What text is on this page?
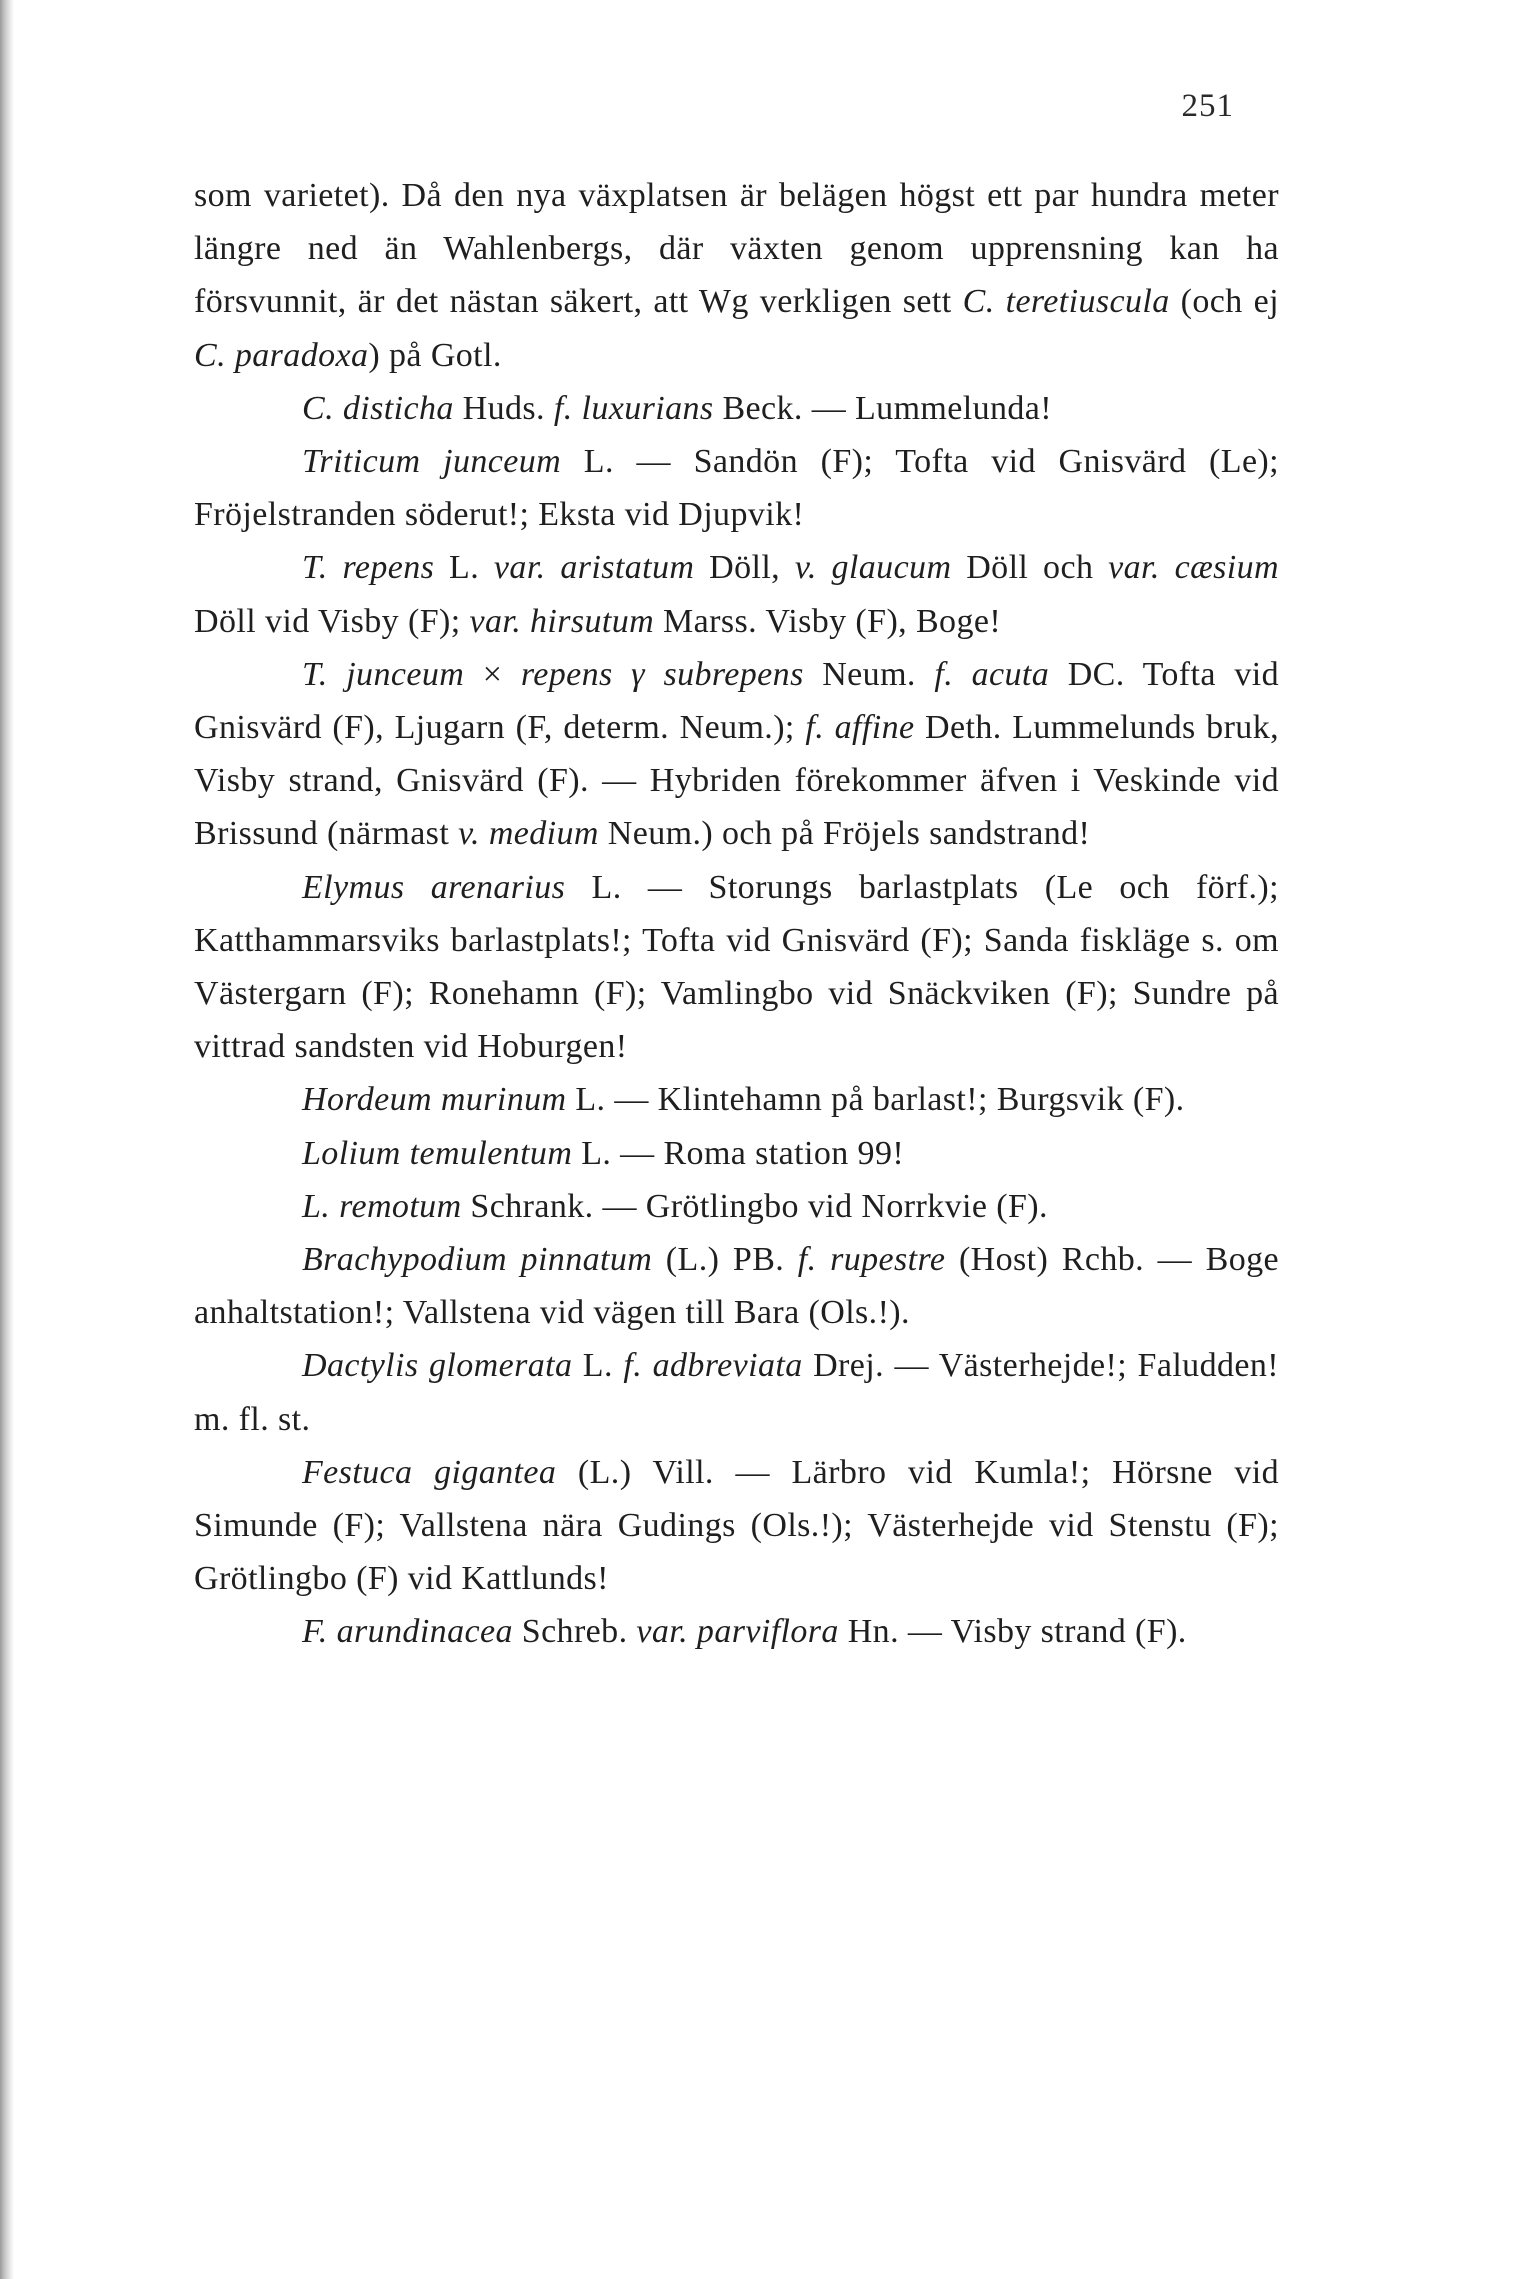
251

som varietet). Då den nya växplatsen är belägen högst ett par hundra meter längre ned än Wahlenbergs, där växten genom upprensning kan ha försvunnit, är det nästan säkert, att Wg verkligen sett C. teretiuscula (och ej C. paradoxa) på Gotl.

C. disticha Huds. f. luxurians Beck. — Lummelunda!

Triticum junceum L. — Sandön (F); Tofta vid Gnisvärd (Le); Fröjelstranden söderut!; Eksta vid Djupvik!

T. repens L. var. aristatum Döll, v. glaucum Döll och var. cæsium Döll vid Visby (F); var. hirsutum Marss. Visby (F), Boge!

T. junceum × repens γ subrepens Neum. f. acuta DC. Tofta vid Gnisvärd (F), Ljugarn (F, determ. Neum.); f. affine Deth. Lummelunds bruk, Visby strand, Gnisvärd (F). — Hybriden förekommer äfven i Veskinde vid Brissund (närmast v. medium Neum.) och på Fröjels sandstrand!

Elymus arenarius L. — Storungs barlastplats (Le och förf.); Katthammarsviks barlastplats!; Tofta vid Gnisvärd (F); Sanda fiskläge s. om Västergarn (F); Ronehamn (F); Vamlingbo vid Snäckviken (F); Sundre på vittrad sandsten vid Hoburgen!

Hordeum murinum L. — Klintehamn på barlast!; Burgsvik (F).

Lolium temulentum L. — Roma station 99!

L. remotum Schrank. — Grötlingbo vid Norrkvie (F).

Brachypodium pinnatum (L.) PB. f. rupestre (Host) Rchb. — Boge anhaltstation!; Vallstena vid vägen till Bara (Ols.!).

Dactylis glomerata L. f. adbreviata Drej. — Västerhejde!; Faludden! m. fl. st.

Festuca gigantea (L.) Vill. — Lärbro vid Kumla!; Hörsne vid Simunde (F); Vallstena nära Gudings (Ols.!); Västerhejde vid Stenstu (F); Grötlingbo (F) vid Kattlunds!

F. arundinacea Schreb. var. parviflora Hn. — Visby strand (F).
